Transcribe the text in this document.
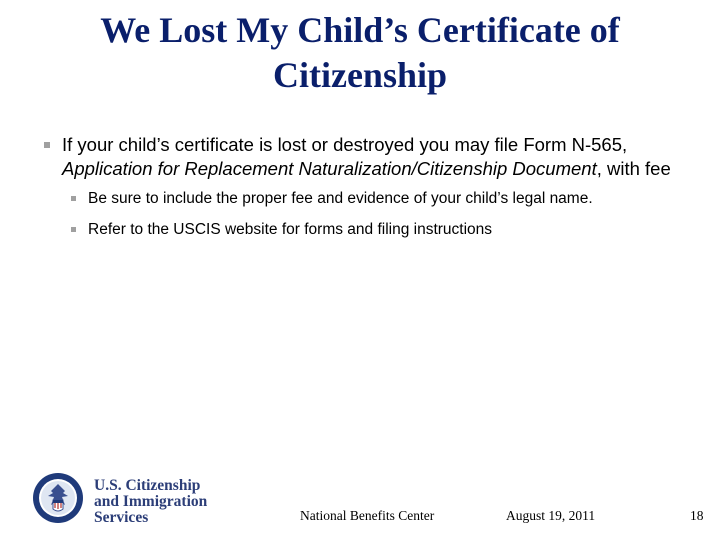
We Lost My Child’s Certificate of
Citizenship
If your child’s certificate is lost or destroyed you may file Form N-565, Application for Replacement Naturalization/Citizenship Document, with fee
Be sure to include the proper fee and evidence of your child’s legal name.
Refer to the USCIS website for forms and filing instructions
U.S. Citizenship
and Immigration
Services	National Benefits Center	August 19, 2011	18
